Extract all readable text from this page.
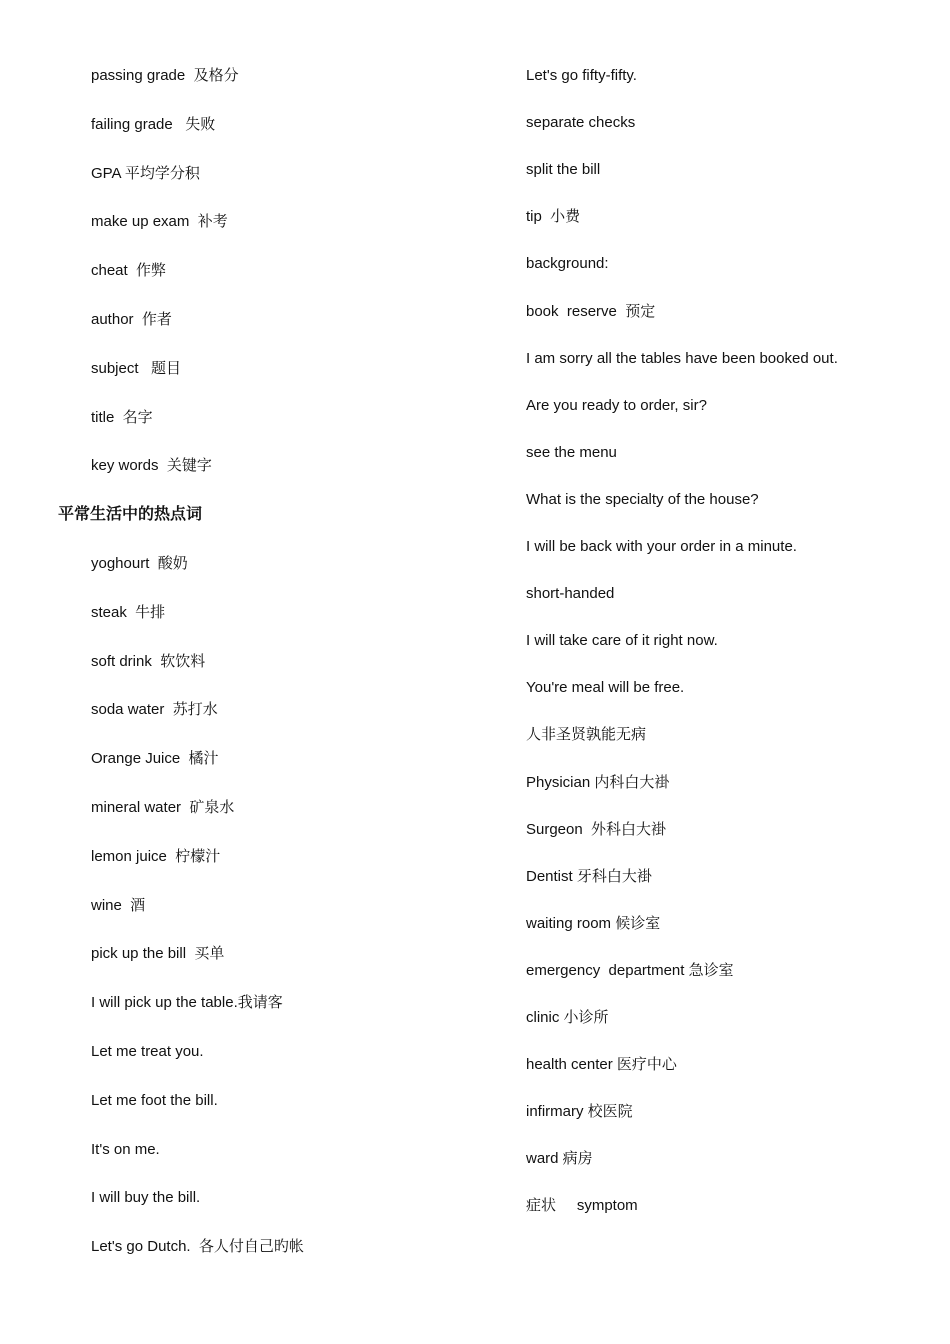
passing grade  及格分
failing grade   失败
GPA 平均学分积
make up exam  补考
cheat  作弊
author  作者
subject   题目
title  名字
key words  关键字
平常生活中的热点词
yoghourt  酸奶
steak  牛排
soft drink  软饮料
soda water  苏打水
Orange Juice  橘汁
mineral water  矿泉水
lemon juice  柠檬汁
wine  酒
pick up the bill  买单
I will pick up the table.我请客
Let me treat you.
Let me foot the bill.
It's on me.
I will buy the bill.
Let's go Dutch.  各人付自己旳帐
Let's go fifty-fifty.
separate checks
split the bill
tip  小费
background:
book  reserve  预定
I am sorry all the tables have been booked out.
Are you ready to order, sir?
see the menu
What is the specialty of the house?
I will be back with your order in a minute.
short-handed
I will take care of it right now.
You're meal will be free.
人非圣贤孰能无病
Physician 内科白大褂
Surgeon  外科白大褂
Dentist 牙科白大褂
waiting room 候诊室
emergency  department 急诊室
clinic 小诊所
health center 医疗中心
infirmary 校医院
ward 病房
症状     symptom
